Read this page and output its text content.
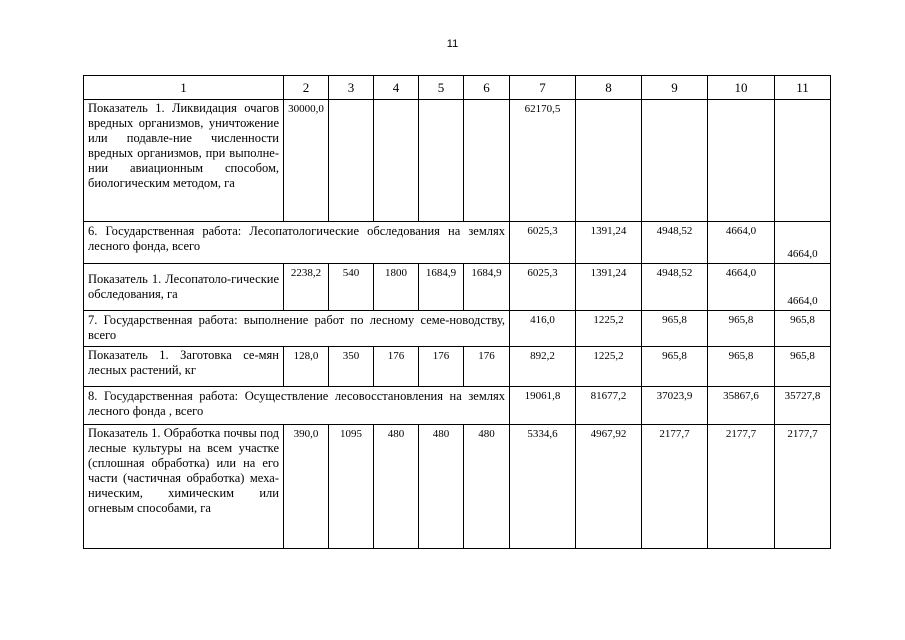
11
1	2	3	4	5	6	7	8	9	10	11
Показатель 1. Ликвидация очагов вредных организмов, уничтожение или подавле-ние численности вредных организмов, при выполне-нии авиационным способом, биологическим методом, га	30000,0					62170,5				
6. Государственная работа: Лесопатологические обследования на землях лесного фонда, всего						6025,3	1391,24	4948,52	4664,0	4664,0
Показатель 1. Лесопатоло-гические обследования, га	2238,2	540	1800	1684,9	1684,9	6025,3	1391,24	4948,52	4664,0	4664,0
7. Государственная работа: выполнение работ по лесному семе-новодству, всего						416,0	1225,2	965,8	965,8	965,8
Показатель 1. Заготовка се-мян лесных растений, кг	128,0	350	176	176	176	892,2	1225,2	965,8	965,8	965,8
8. Государственная работа: Осуществление лесовосстановления на землях лесного фонда , всего						19061,8	81677,2	37023,9	35867,6	35727,8
Показатель 1. Обработка почвы под лесные культуры на всем участке (сплошная обработка) или на его части (частичная обработка) меха-ническим, химическим или огневым способами, га	390,0	1095	480	480	480	5334,6	4967,92	2177,7	2177,7	2177,7
